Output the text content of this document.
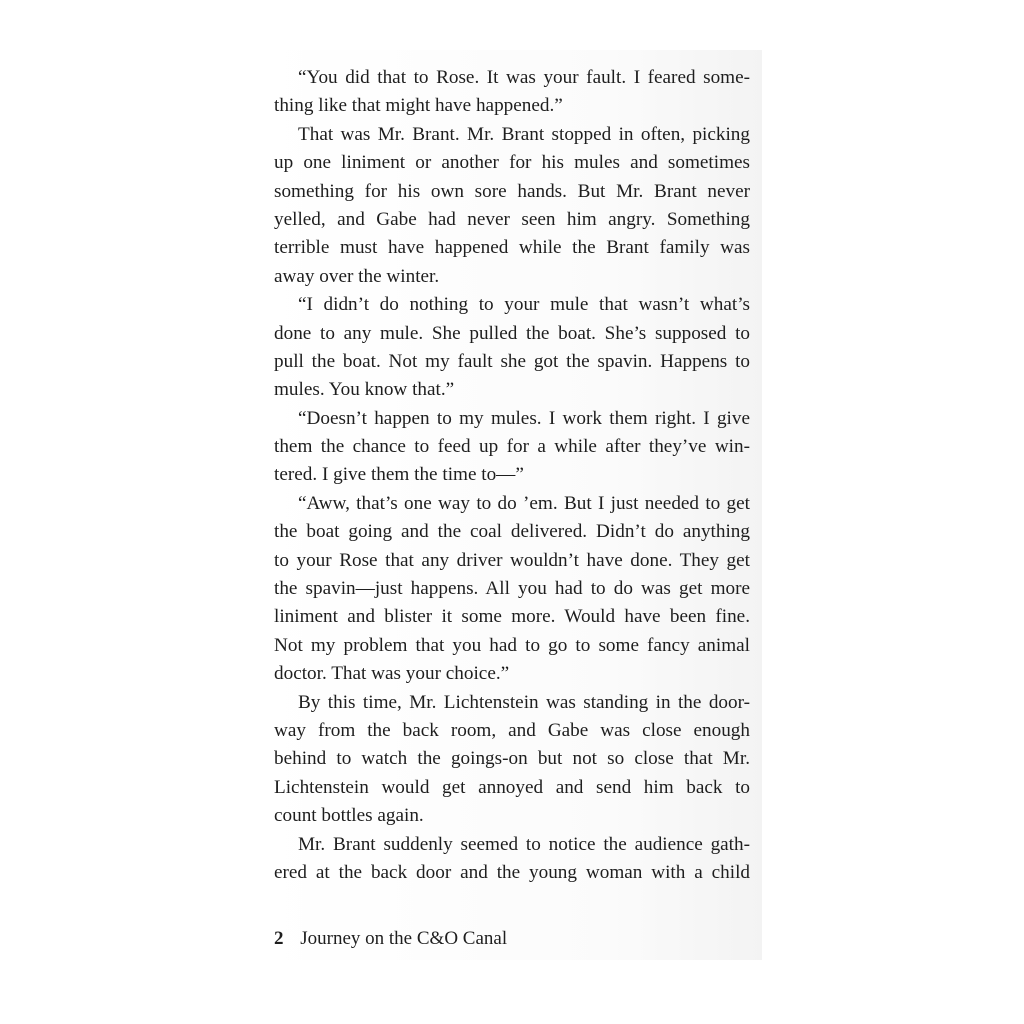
“You did that to Rose. It was your fault. I feared some-
thing like that might have happened.”
That was Mr. Brant. Mr. Brant stopped in often, picking
up one liniment or another for his mules and sometimes
something for his own sore hands. But Mr. Brant never
yelled, and Gabe had never seen him angry. Something
terrible must have happened while the Brant family was
away over the winter.
“I didn’t do nothing to your mule that wasn’t what’s
done to any mule. She pulled the boat. She’s supposed to
pull the boat. Not my fault she got the spavin. Happens to
mules. You know that.”
“Doesn’t happen to my mules. I work them right. I give
them the chance to feed up for a while after they’ve win-
tered. I give them the time to—”
“Aww, that’s one way to do ’em. But I just needed to get
the boat going and the coal delivered. Didn’t do anything
to your Rose that any driver wouldn’t have done. They get
the spavin—just happens. All you had to do was get more
liniment and blister it some more. Would have been fine.
Not my problem that you had to go to some fancy animal
doctor. That was your choice.”
By this time, Mr. Lichtenstein was standing in the door-
way from the back room, and Gabe was close enough
behind to watch the goings-on but not so close that Mr.
Lichtenstein would get annoyed and send him back to
count bottles again.
Mr. Brant suddenly seemed to notice the audience gath-
ered at the back door and the young woman with a child
2 Journey on the C&O Canal
